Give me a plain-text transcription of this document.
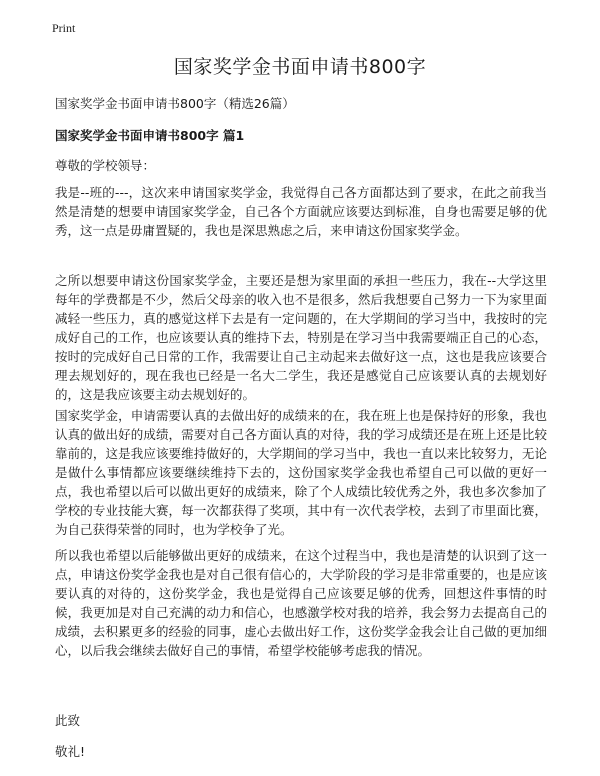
Print
国家奖学金书面申请书800字

国家奖学金书面申请书800字（精选26篇）

国家奖学金书面申请书800字 篇1

尊敬的学校领导：

我是--班的---，这次来申请国家奖学金，我觉得自己各方面都达到了要求，在此之前我当然是清楚的想要申请国家奖学金，自己各个方面就应该要达到标准，自身也需要足够的优秀，这一点是毋庸置疑的，我也是深思熟虑之后，来申请这份国家奖学金。

之所以想要申请这份国家奖学金，主要还是想为家里面的承担一些压力，我在--大学这里每年的学费都是不少，然后父母亲的收入也不是很多，然后我想要自己努力一下为家里面减轻一些压力，真的感觉这样下去是有一定问题的，在大学期间的学习当中，我按时的完成好自己的工作，也应该要认真的维持下去，特别是在学习当中我需要端正自己的心态，按时的完成好自己日常的工作，我需要让自己主动起来去做好这一点，这也是我应该要合理去规划好的，现在我也已经是一名大二学生，我还是感觉自己应该要认真的去规划好的，这是我应该要主动去规划好的。

国家奖学金，申请需要认真的去做出好的成绩来的在，我在班上也是保持好的形象，我也认真的做出好的成绩，需要对自己各方面认真的对待，我的学习成绩还是在班上还是比较靠前的，这是我应该要维持做好的，大学期间的学习当中，我也一直以来比较努力，无论是做什么事情都应该要继续维持下去的，这份国家奖学金我也希望自己可以做的更好一点，我也希望以后可以做出更好的成绩来，除了个人成绩比较优秀之外，我也多次参加了学校的专业技能大赛，每一次都获得了奖项，其中有一次代表学校，去到了市里面比赛，为自己获得荣誉的同时，也为学校争了光。

所以我也希望以后能够做出更好的成绩来，在这个过程当中，我也是清楚的认识到了这一点，申请这份奖学金我也是对自己很有信心的，大学阶段的学习是非常重要的，也是应该要认真的对待的，这份奖学金，我也是觉得自己应该要足够的优秀，回想这件事情的时候，我更加是对自己充满的动力和信心，也感激学校对我的培养，我会努力去提高自己的成绩，去积累更多的经验的同事，虚心去做出好工作，这份奖学金我会让自己做的更加细心，以后我会继续去做好自己的事情，希望学校能够考虑我的情况。

此致

敬礼!
